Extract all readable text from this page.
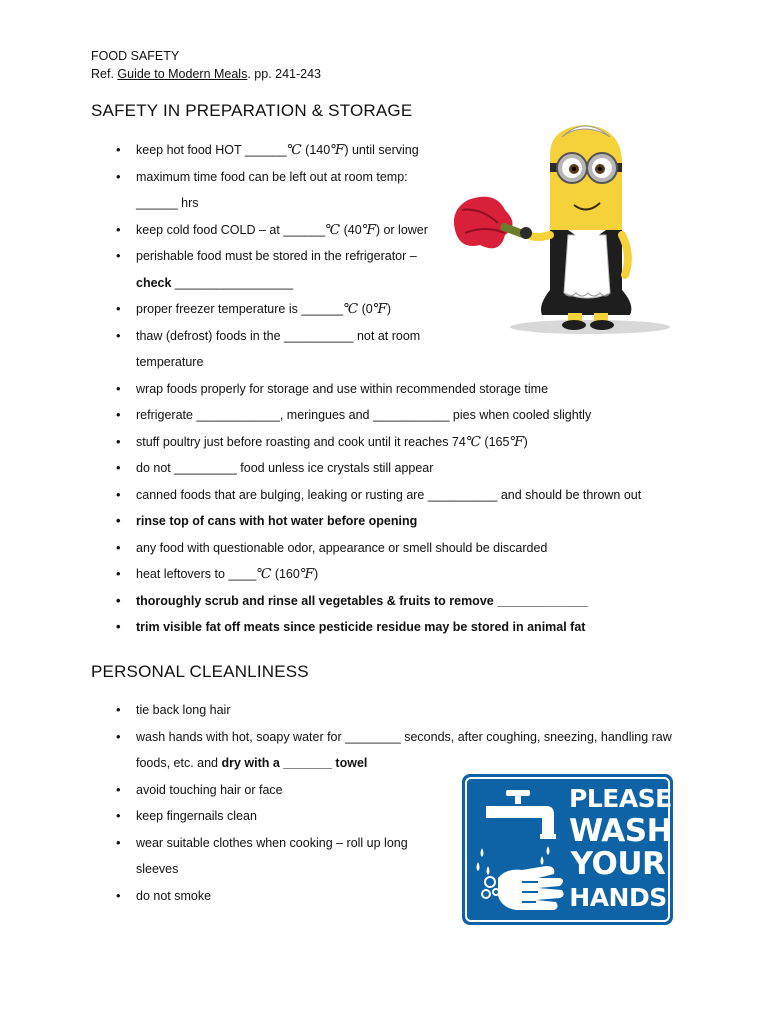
FOOD SAFETY
Ref. Guide to Modern Meals. pp. 241-243
SAFETY IN PREPARATION & STORAGE
• keep hot food HOT ______℃ (140℉) until serving
• maximum time food can be left out at room temp:
______ hrs
• keep cold food COLD – at ______℃ (40℉) or lower
• perishable food must be stored in the refrigerator –
check _________________
• proper freezer temperature is ______℃ (0℉)
• thaw (defrost) foods in the __________ not at room
temperature
• wrap foods properly for storage and use within recommended storage time
• refrigerate ____________, meringues and ___________ pies when cooled slightly
• stuff poultry just before roasting and cook until it reaches 74℃ (165℉)
• do not _________ food unless ice crystals still appear
• canned foods that are bulging, leaking or rusting are __________ and should be thrown out
• rinse top of cans with hot water before opening
• any food with questionable odor, appearance or smell should be discarded
• heat leftovers to ____℃ (160℉)
• thoroughly scrub and rinse all vegetables & fruits to remove _____________
• trim visible fat off meats since pesticide residue may be stored in animal fat
PERSONAL CLEANLINESS
• tie back long hair
• wash hands with hot, soapy water for ________ seconds, after coughing, sneezing, handling raw
foods, etc. and dry with a _______ towel
• avoid touching hair or face
• keep fingernails clean
• wear suitable clothes when cooking – roll up long sleeves
• do not smoke
PLEASE
WASH
YOUR
HANDS
